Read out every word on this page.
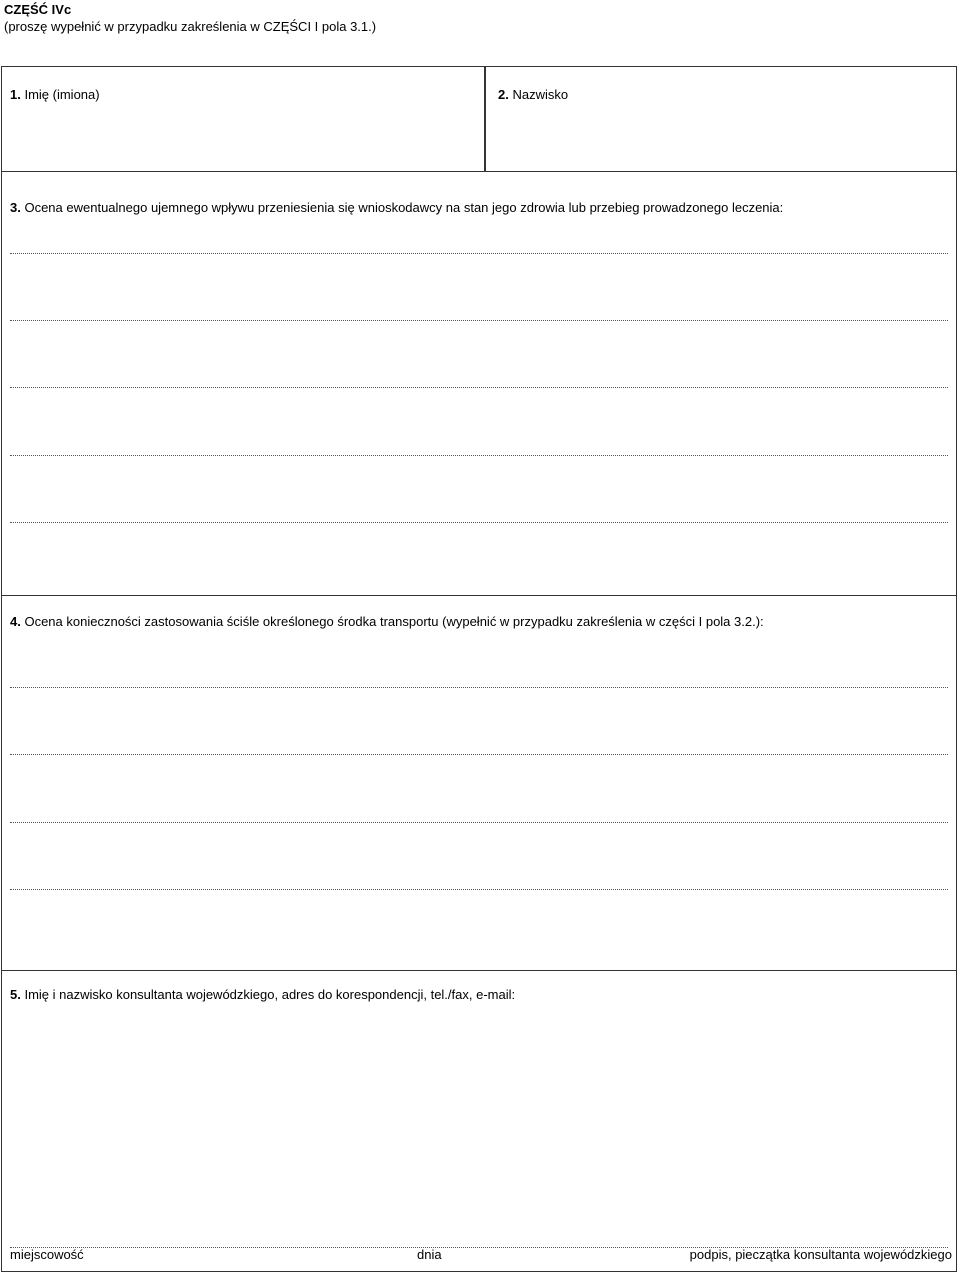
CZĘŚĆ IVc
(proszę wypełnić w przypadku zakreślenia w CZĘŚCI I pola 3.1.)
1. Imię (imiona)	2. Nazwisko
3. Ocena ewentualnego ujemnego wpływu przeniesienia się wnioskodawcy na stan jego zdrowia lub przebieg prowadzonego leczenia:
4. Ocena konieczności zastosowania ściśle określonego środka transportu (wypełnić w przypadku zakreślenia w części I pola 3.2.):
5. Imię i nazwisko konsultanta wojewódzkiego, adres do korespondencji, tel./fax, e-mail:
miejscowość	dnia	podpis, pieczątka konsultanta wojewódzkiego
